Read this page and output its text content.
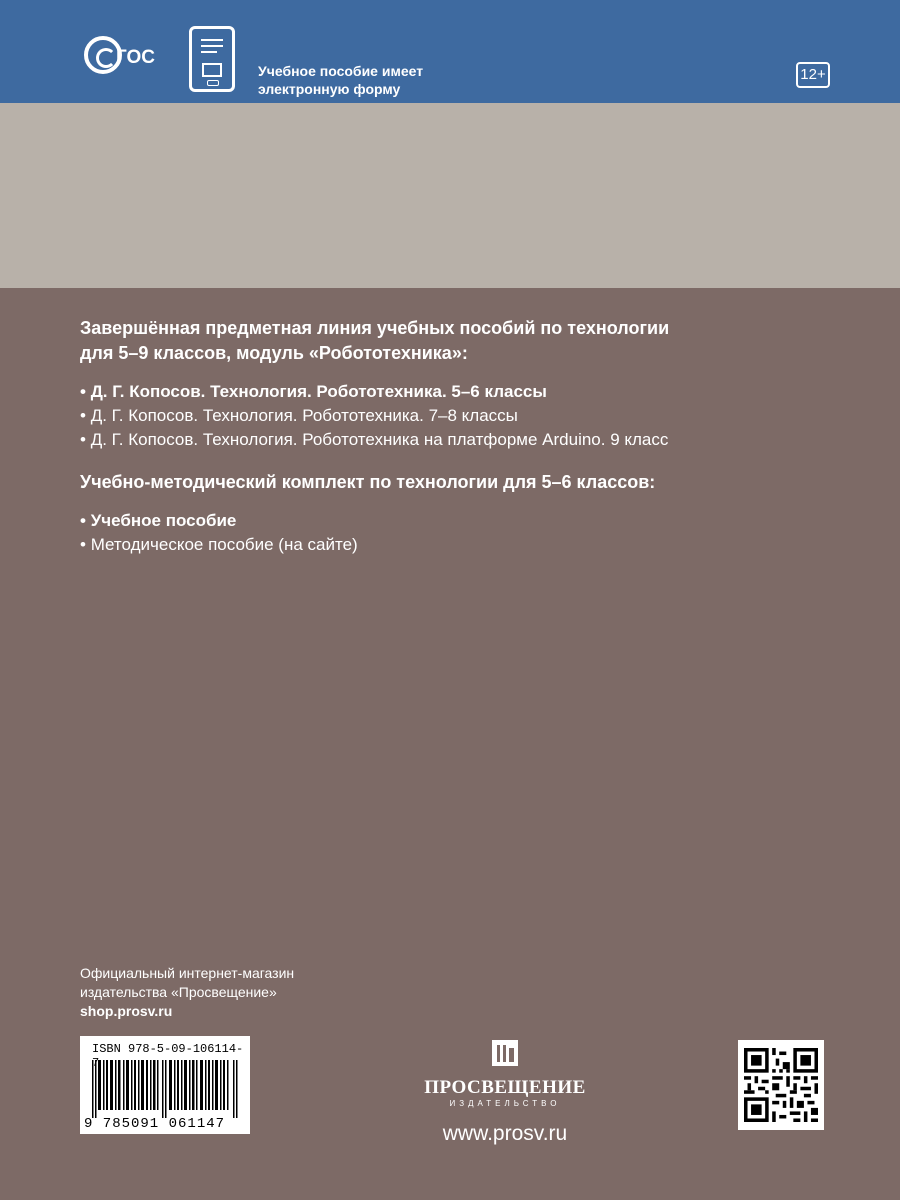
ГОС
Учебное пособие имеет
электронную форму
12+

Завершённая предметная линия учебных пособий по технологии
для 5–9 классов, модуль «Робототехника»:

• Д. Г. Копосов. Технология. Робототехника. 5–6 классы
• Д. Г. Копосов. Технология. Робототехника. 7–8 классы
• Д. Г. Копосов. Технология. Робототехника на платформе Arduino. 9 класс

Учебно-методический комплект по технологии для 5–6 классов:

• Учебное пособие
• Методическое пособие (на сайте)
Официальный интернет-магазин
издательства «Просвещение»
shop.prosv.ru
ISBN 978-5-09-106114-
9 785091 061147
ПРОСВЕЩЕНИЕ
ИЗДАТЕЛЬСТВО
www.prosv.ru
